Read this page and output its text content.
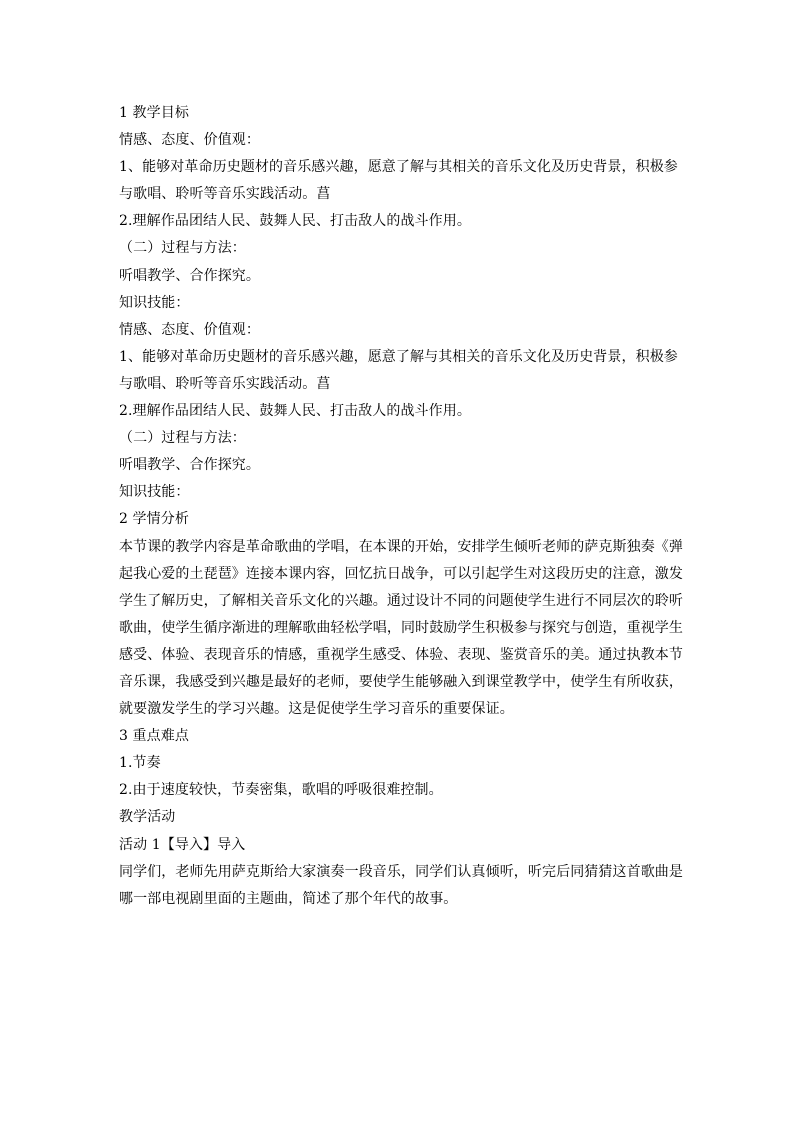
1 教学目标
情感、态度、价值观：
1、能够对革命历史题材的音乐感兴趣，愿意了解与其相关的音乐文化及历史背景，积极参
与歌唱、聆听等音乐实践活动。菖
2.理解作品团结人民、鼓舞人民、打击敌人的战斗作用。
（二）过程与方法：
听唱教学、合作探究。
知识技能：
情感、态度、价值观：
1、能够对革命历史题材的音乐感兴趣，愿意了解与其相关的音乐文化及历史背景，积极参
与歌唱、聆听等音乐实践活动。菖
2.理解作品团结人民、鼓舞人民、打击敌人的战斗作用。
（二）过程与方法：
听唱教学、合作探究。
知识技能：
2 学情分析
本节课的教学内容是革命歌曲的学唱，在本课的开始，安排学生倾听老师的萨克斯独奏《弹
起我心爱的土琵琶》连接本课内容，回忆抗日战争，可以引起学生对这段历史的注意，激发
学生了解历史，了解相关音乐文化的兴趣。通过设计不同的问题使学生进行不同层次的聆听
歌曲，使学生循序渐进的理解歌曲轻松学唱，同时鼓励学生积极参与探究与创造，重视学生
感受、体验、表现音乐的情感，重视学生感受、体验、表现、鉴赏音乐的美。通过执教本节
音乐课，我感受到兴趣是最好的老师，要使学生能够融入到课堂教学中，使学生有所收获，
就要激发学生的学习兴趣。这是促使学生学习音乐的重要保证。
3 重点难点
1.节奏
2.由于速度较快，节奏密集，歌唱的呼吸很难控制。
教学活动
活动 1【导入】导入
同学们，老师先用萨克斯给大家演奏一段音乐，同学们认真倾听，听完后同猜猜这首歌曲是
哪一部电视剧里面的主题曲，简述了那个年代的故事。
